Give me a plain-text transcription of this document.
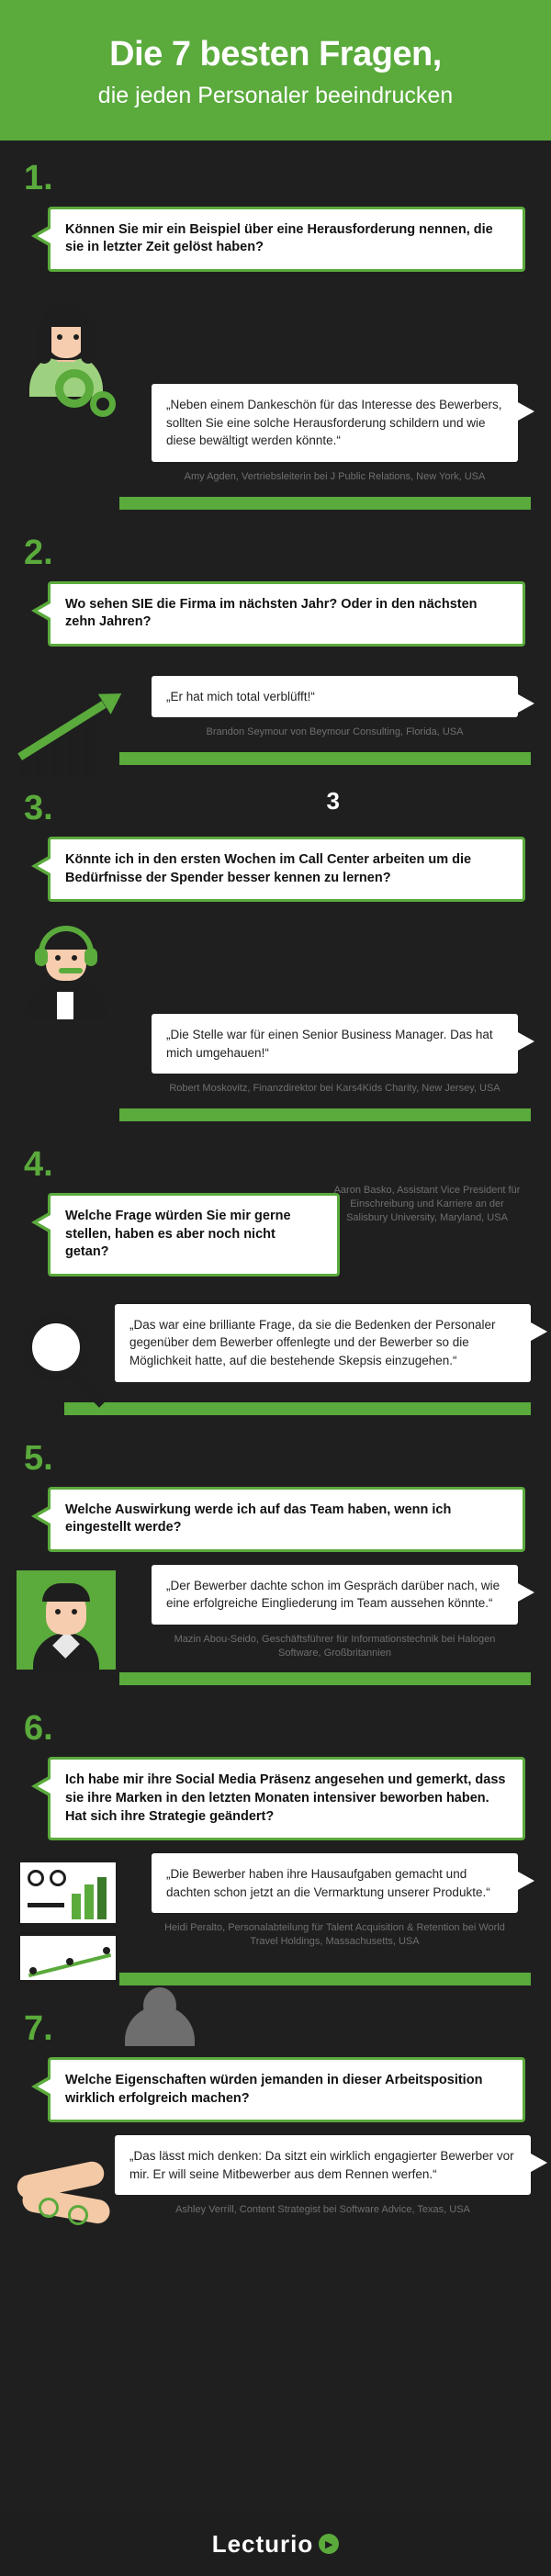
Die 7 besten Fragen,
die jeden Personaler beeindrucken
1.
Können Sie mir ein Beispiel über eine Herausforderung nennen, die sie in letzter Zeit gelöst haben?
„Neben einem Dankeschön für das Interesse des Bewerbers, sollten Sie eine solche Herausforderung schildern und wie diese bewältigt werden könnte.“
Amy Agden, Vertriebsleiterin bei J Public Relations, New York, USA
2.
Wo sehen SIE die Firma im nächsten Jahr? Oder in den nächsten zehn Jahren?
„Er hat mich total verblüfft!“
Brandon Seymour von Beymour Consulting, Florida, USA
3.	3
Könnte ich in den ersten Wochen im Call Center arbeiten um die Bedürfnisse der Spender besser kennen zu lernen?
„Die Stelle war für einen Senior Business Manager. Das hat mich umgehauen!“
Robert Moskovitz, Finanzdirektor bei Kars4Kids Charity, New Jersey, USA
4.
Welche Frage würden Sie mir gerne stellen, haben es aber noch nicht getan?
Aaron Basko, Assistant Vice President für Einschreibung und Karriere an der Salisbury University, Maryland, USA
„Das war eine brilliante Frage, da sie die Bedenken der Personaler gegenüber dem Bewerber offenlegte und der Bewerber so die Möglichkeit hatte, auf die bestehende Skepsis einzugehen.“
5.
Welche Auswirkung werde ich auf das Team haben, wenn ich eingestellt werde?
„Der Bewerber dachte schon im Gespräch darüber nach, wie eine erfolgreiche Eingliederung im Team aussehen könnte.“
Mazin Abou-Seido, Geschäftsführer für Informationstechnik bei Halogen Software, Großbritannien
6.
Ich habe mir ihre Social Media Präsenz angesehen und gemerkt, dass sie ihre Marken in den letzten Monaten intensiver beworben haben. Hat sich ihre Strategie geändert?
„Die Bewerber haben ihre Hausaufgaben gemacht und dachten schon jetzt an die Vermarktung unserer Produkte.“
Heidi Peralto, Personalabteilung für Talent Acquisition & Retention bei World Travel Holdings, Massachusetts, USA
7.
Welche Eigenschaften würden jemanden in dieser Arbeitsposition wirklich erfolgreich machen?
„Das lässt mich denken: Da sitzt ein wirklich engagierter Bewerber vor mir. Er will seine Mitbewerber aus dem Rennen werfen.“
Ashley Verrill, Content Strategist bei Software Advice, Texas, USA
Lecturio	▶
